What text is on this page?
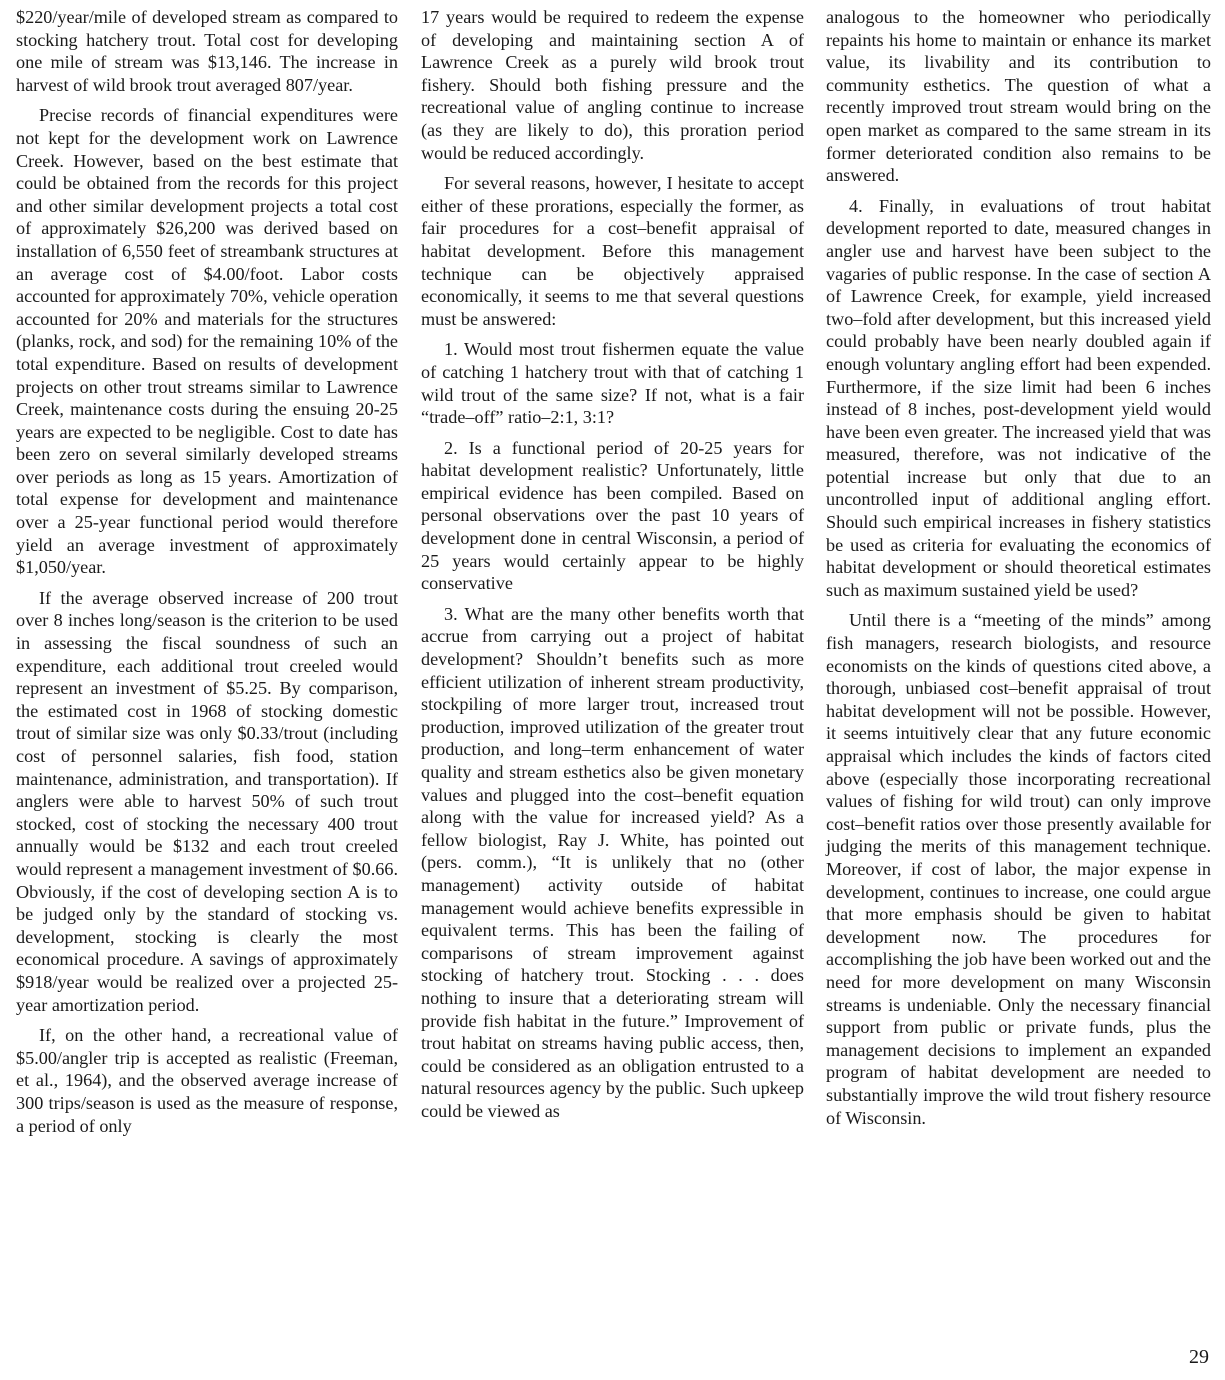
$220/year/mile of developed stream as compared to stocking hatchery trout. Total cost for developing one mile of stream was $13,146. The increase in harvest of wild brook trout averaged 807/year.

Precise records of financial expenditures were not kept for the development work on Lawrence Creek. However, based on the best estimate that could be obtained from the records for this project and other similar development projects a total cost of approximately $26,200 was derived based on installation of 6,550 feet of streambank structures at an average cost of $4.00/foot. Labor costs accounted for approximately 70%, vehicle operation accounted for 20% and materials for the structures (planks, rock, and sod) for the remaining 10% of the total expenditure. Based on results of development projects on other trout streams similar to Lawrence Creek, maintenance costs during the ensuing 20-25 years are expected to be negligible. Cost to date has been zero on several similarly developed streams over periods as long as 15 years. Amortization of total expense for development and maintenance over a 25-year functional period would therefore yield an average investment of approximately $1,050/year.

If the average observed increase of 200 trout over 8 inches long/season is the criterion to be used in assessing the fiscal soundness of such an expenditure, each additional trout creeled would represent an investment of $5.25. By comparison, the estimated cost in 1968 of stocking domestic trout of similar size was only $0.33/trout (including cost of personnel salaries, fish food, station maintenance, administration, and transportation). If anglers were able to harvest 50% of such trout stocked, cost of stocking the necessary 400 trout annually would be $132 and each trout creeled would represent a management investment of $0.66. Obviously, if the cost of developing section A is to be judged only by the standard of stocking vs. development, stocking is clearly the most economical procedure. A savings of approximately $918/year would be realized over a projected 25-year amortization period.

If, on the other hand, a recreational value of $5.00/angler trip is accepted as realistic (Freeman, et al., 1964), and the observed average increase of 300 trips/season is used as the measure of response, a period of only

17 years would be required to redeem the expense of developing and maintaining section A of Lawrence Creek as a purely wild brook trout fishery. Should both fishing pressure and the recreational value of angling continue to increase (as they are likely to do), this proration period would be reduced accordingly.

For several reasons, however, I hesitate to accept either of these prorations, especially the former, as fair procedures for a cost–benefit appraisal of habitat development. Before this management technique can be objectively appraised economically, it seems to me that several questions must be answered:

1. Would most trout fishermen equate the value of catching 1 hatchery trout with that of catching 1 wild trout of the same size? If not, what is a fair “trade–off” ratio–2:1, 3:1?

2. Is a functional period of 20-25 years for habitat development realistic? Unfortunately, little empirical evidence has been compiled. Based on personal observations over the past 10 years of development done in central Wisconsin, a period of 25 years would certainly appear to be highly conservative

3. What are the many other benefits worth that accrue from carrying out a project of habitat development? Shouldn’t benefits such as more efficient utilization of inherent stream productivity, stockpiling of more larger trout, increased trout production, improved utilization of the greater trout production, and long–term enhancement of water quality and stream esthetics also be given monetary values and plugged into the cost–benefit equation along with the value for increased yield? As a fellow biologist, Ray J. White, has pointed out (pers. comm.), “It is unlikely that no (other management) activity outside of habitat management would achieve benefits expressible in equivalent terms. This has been the failing of comparisons of stream improvement against stocking of hatchery trout. Stocking . . . does nothing to insure that a deteriorating stream will provide fish habitat in the future.” Improvement of trout habitat on streams having public access, then, could be considered as an obligation entrusted to a natural resources agency by the public. Such upkeep could be viewed as

analogous to the homeowner who periodically repaints his home to maintain or enhance its market value, its livability and its contribution to community esthetics. The question of what a recently improved trout stream would bring on the open market as compared to the same stream in its former deteriorated condition also remains to be answered.

4. Finally, in evaluations of trout habitat development reported to date, measured changes in angler use and harvest have been subject to the vagaries of public response. In the case of section A of Lawrence Creek, for example, yield increased two–fold after development, but this increased yield could probably have been nearly doubled again if enough voluntary angling effort had been expended. Furthermore, if the size limit had been 6 inches instead of 8 inches, post-development yield would have been even greater. The increased yield that was measured, therefore, was not indicative of the potential increase but only that due to an uncontrolled input of additional angling effort. Should such empirical increases in fishery statistics be used as criteria for evaluating the economics of habitat development or should theoretical estimates such as maximum sustained yield be used?

Until there is a “meeting of the minds” among fish managers, research biologists, and resource economists on the kinds of questions cited above, a thorough, unbiased cost–benefit appraisal of trout habitat development will not be possible. However, it seems intuitively clear that any future economic appraisal which includes the kinds of factors cited above (especially those incorporating recreational values of fishing for wild trout) can only improve cost–benefit ratios over those presently available for judging the merits of this management technique. Moreover, if cost of labor, the major expense in development, continues to increase, one could argue that more emphasis should be given to habitat development now. The procedures for accomplishing the job have been worked out and the need for more development on many Wisconsin streams is undeniable. Only the necessary financial support from public or private funds, plus the management decisions to implement an expanded program of habitat development are needed to substantially improve the wild trout fishery resource of Wisconsin.

29
